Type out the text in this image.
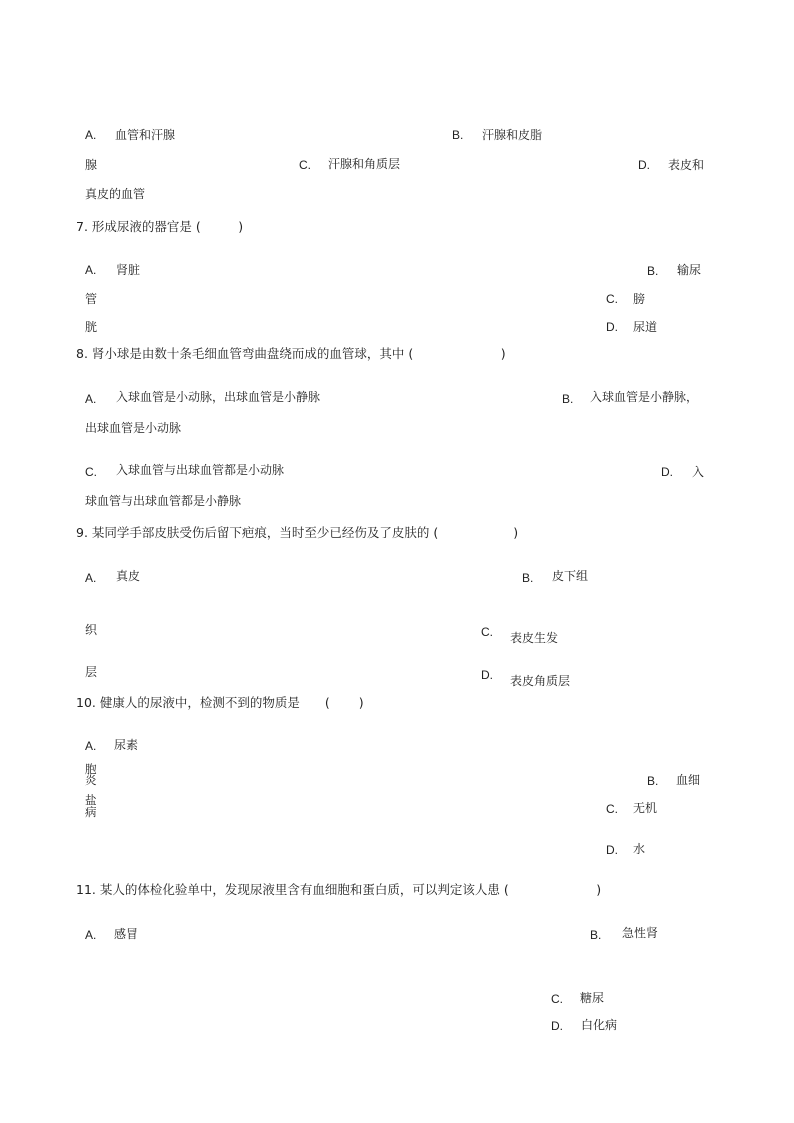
A. 血管和汗腺	B. 汗腺和皮脂
腺	C. 汗腺和角质层	D. 表皮和
真皮的血管
7. 形成尿液的器官是 (　　　)
A. 肾脏	B. 输尿
管	C. 膀
胱	D. 尿道
8. 肾小球是由数十条毛细血管弯曲盘绕而成的血管球，其中 (　　　　　　　)
A. 入球血管是小动脉，出球血管是小静脉	B. 入球血管是小静脉，
出球血管是小动脉
C. 入球血管与出球血管都是小动脉	D. 入
球血管与出球血管都是小静脉
9. 某同学手部皮肤受伤后留下疤痕，当时至少已经伤及了皮肤的 (　　　　　　)
A. 真皮	B. 皮下组
织	C. 表皮生发
层	D. 表皮角质层
10. 健康人的尿液中，检测不到的物质是　　(　　 )
A. 尿素
胞
炎
盐
病
B. 血细
C. 无机
D. 水
11. 某人的体检化验单中，发现尿液里含有血细胞和蛋白质，可以判定该人患 (　　　　　　　)
A. 感冒	B. 急性肾
C. 糖尿
D. 白化病
